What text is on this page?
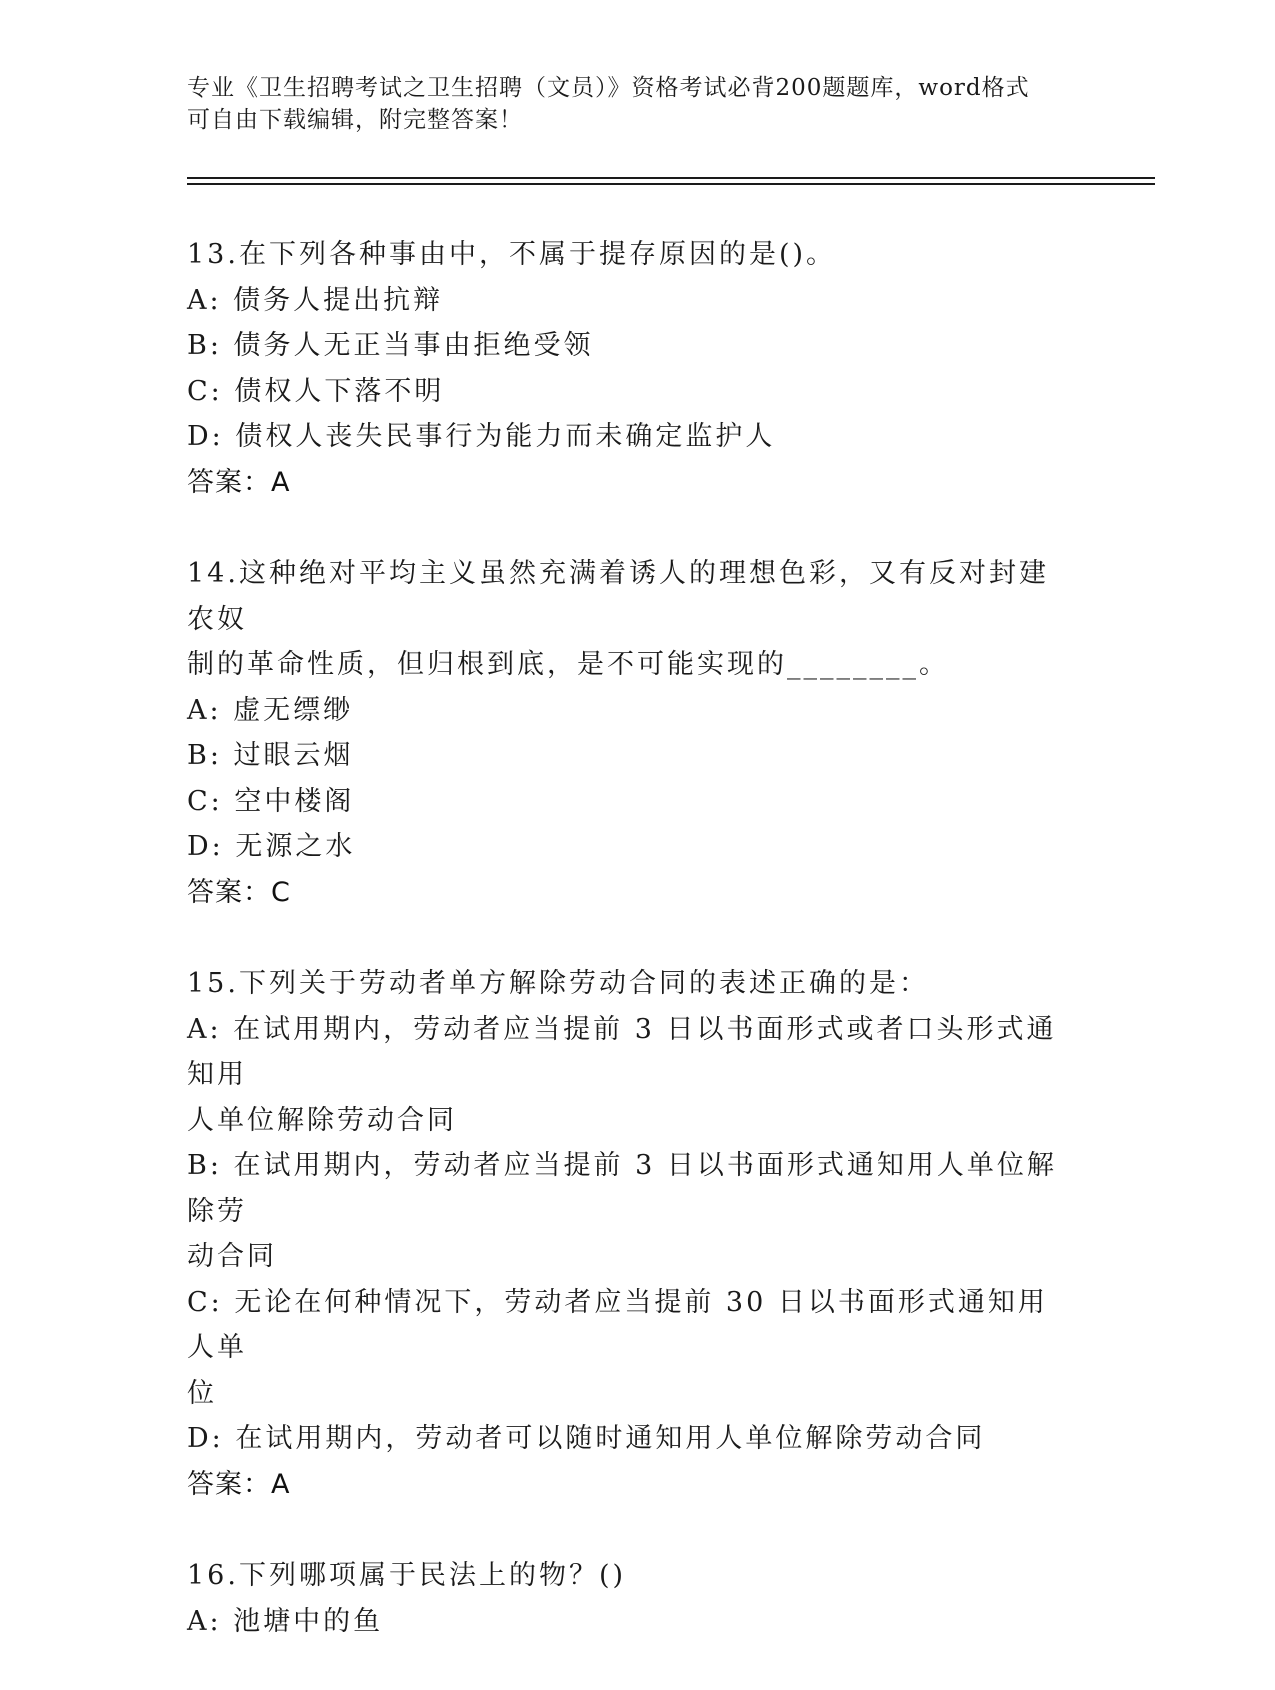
专业《卫生招聘考试之卫生招聘（文员）》资格考试必背200题题库，word格式
可自由下载编辑，附完整答案！
13.在下列各种事由中，不属于提存原因的是()。
A: 债务人提出抗辩
B: 债务人无正当事由拒绝受领
C: 债权人下落不明
D: 债权人丧失民事行为能力而未确定监护人
答案：A
14.这种绝对平均主义虽然充满着诱人的理想色彩，又有反对封建农奴
制的革命性质，但归根到底，是不可能实现的________。
A: 虚无缥缈
B: 过眼云烟
C: 空中楼阁
D: 无源之水
答案：C
15.下列关于劳动者单方解除劳动合同的表述正确的是：
A: 在试用期内，劳动者应当提前 3 日以书面形式或者口头形式通知用
人单位解除劳动合同
B: 在试用期内，劳动者应当提前 3 日以书面形式通知用人单位解除劳
动合同
C: 无论在何种情况下，劳动者应当提前 30 日以书面形式通知用人单
位
D: 在试用期内，劳动者可以随时通知用人单位解除劳动合同
答案：A
16.下列哪项属于民法上的物？()
A: 池塘中的鱼
